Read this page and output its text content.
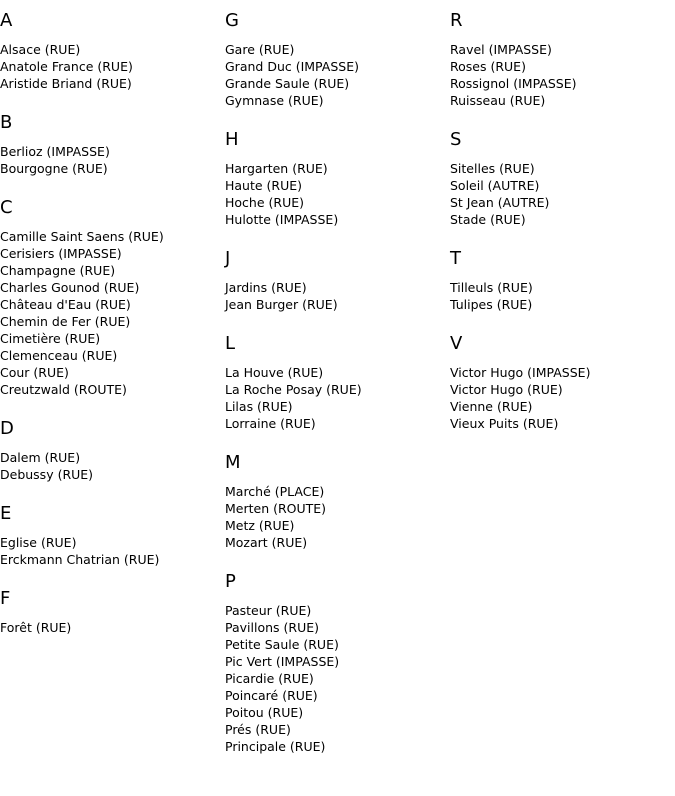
A
Alsace (RUE)
Anatole France (RUE)
Aristide Briand (RUE)
B
Berlioz (IMPASSE)
Bourgogne (RUE)
C
Camille Saint Saens (RUE)
Cerisiers (IMPASSE)
Champagne (RUE)
Charles Gounod (RUE)
Château d'Eau (RUE)
Chemin de Fer (RUE)
Cimetière (RUE)
Clemenceau (RUE)
Cour (RUE)
Creutzwald (ROUTE)
D
Dalem (RUE)
Debussy (RUE)
E
Eglise (RUE)
Erckmann Chatrian (RUE)
F
Forêt (RUE)
G
Gare (RUE)
Grand Duc (IMPASSE)
Grande Saule (RUE)
Gymnase (RUE)
H
Hargarten (RUE)
Haute (RUE)
Hoche (RUE)
Hulotte (IMPASSE)
J
Jardins (RUE)
Jean Burger (RUE)
L
La Houve (RUE)
La Roche Posay (RUE)
Lilas (RUE)
Lorraine (RUE)
M
Marché (PLACE)
Merten (ROUTE)
Metz (RUE)
Mozart (RUE)
P
Pasteur (RUE)
Pavillons (RUE)
Petite Saule (RUE)
Pic Vert (IMPASSE)
Picardie (RUE)
Poincaré (RUE)
Poitou (RUE)
Prés (RUE)
Principale (RUE)
R
Ravel (IMPASSE)
Roses (RUE)
Rossignol (IMPASSE)
Ruisseau (RUE)
S
Sitelles (RUE)
Soleil (AUTRE)
St Jean (AUTRE)
Stade (RUE)
T
Tilleuls (RUE)
Tulipes (RUE)
V
Victor Hugo (IMPASSE)
Victor Hugo (RUE)
Vienne (RUE)
Vieux Puits (RUE)
